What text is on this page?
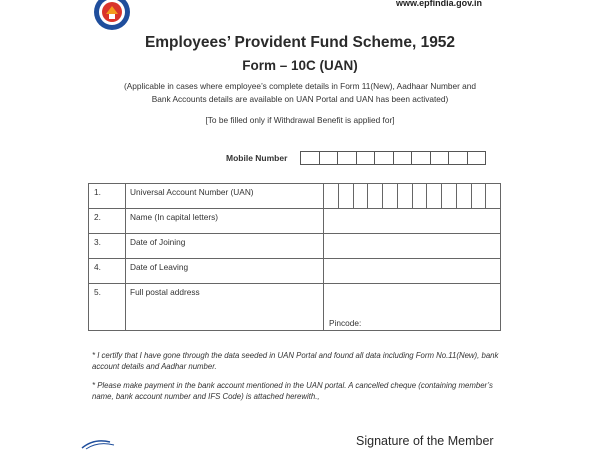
www.epfindia.gov.in
Employees’ Provident Fund Scheme, 1952
Form – 10C (UAN)
(Applicable in cases where employee’s complete details in Form 11(New), Aadhaar Number and
Bank Accounts details are available on UAN Portal and UAN has been activated)
[To be filled only if Withdrawal Benefit is applied for]
Mobile Number
1.	Universal Account Number (UAN)	

2.	Name (In capital letters)	
3.	Date of Joining	
4.	Date of Leaving	
5.	Full postal address	Pincode:
* I certify that I have gone through the data seeded in UAN Portal and found all data including Form No.11(New), bank account details and Aadhar number.
* Please make payment in the bank account mentioned in the UAN portal. A cancelled cheque (containing member’s name, bank account number and IFS Code) is attached herewith.,
Signature of the Member
